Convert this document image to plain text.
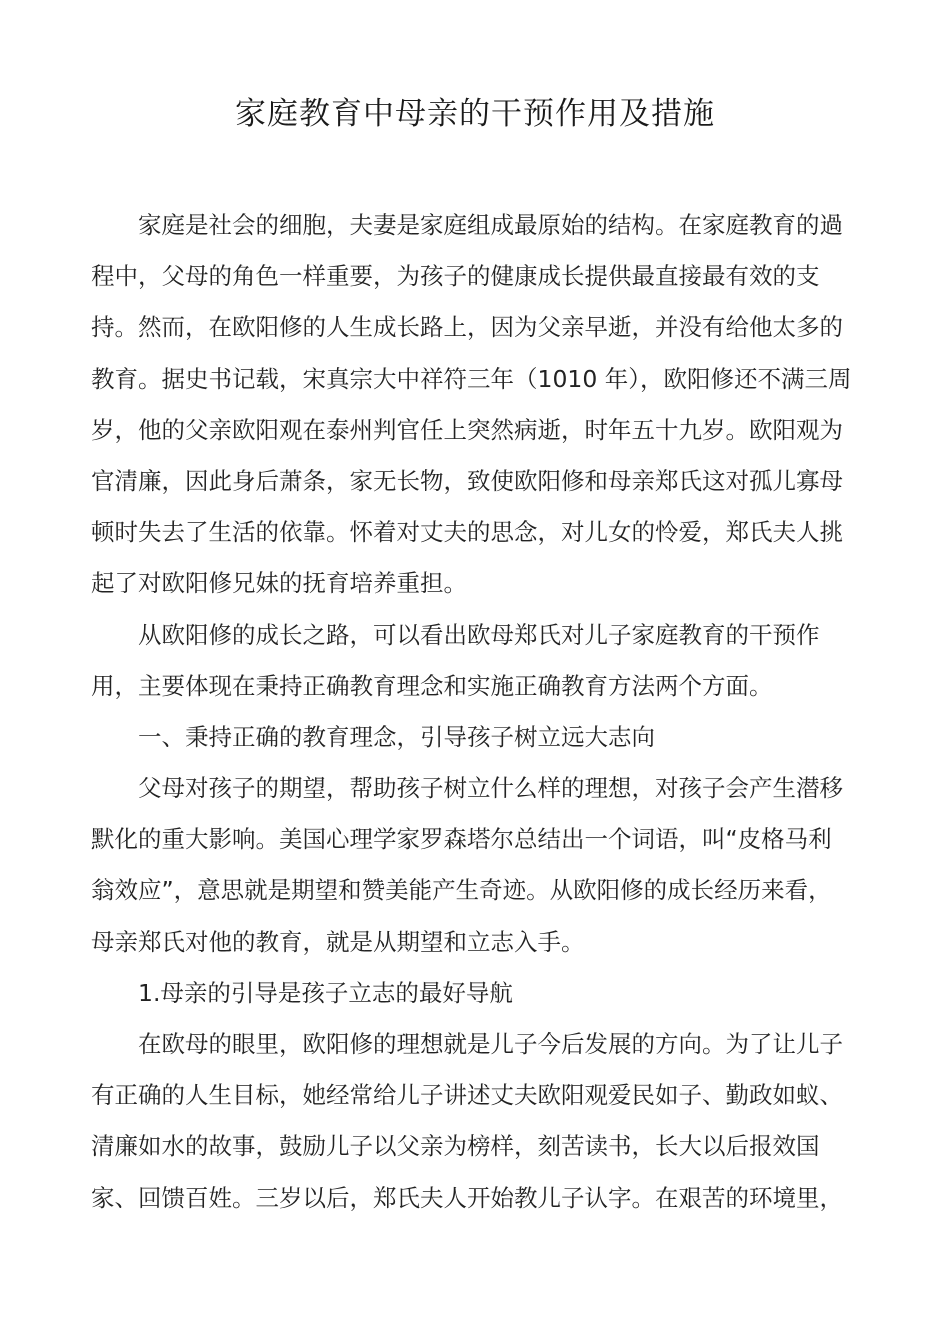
家庭教育中母亲的干预作用及措施
家庭是社会的细胞，夫妻是家庭组成最原始的结构。在家庭教育的過
程中，父母的角色一样重要，为孩子的健康成长提供最直接最有效的支
持。然而，在欧阳修的人生成长路上，因为父亲早逝，并没有给他太多的
教育。据史书记载，宋真宗大中祥符三年（1010 年），欧阳修还不满三周
岁，他的父亲欧阳观在泰州判官任上突然病逝，时年五十九岁。欧阳观为
官清廉，因此身后萧条，家无长物，致使欧阳修和母亲郑氏这对孤儿寡母
顿时失去了生活的依靠。怀着对丈夫的思念，对儿女的怜爱，郑氏夫人挑
起了对欧阳修兄妹的抚育培养重担。
从欧阳修的成长之路，可以看出欧母郑氏对儿子家庭教育的干预作
用，主要体现在秉持正确教育理念和实施正确教育方法两个方面。
一、秉持正确的教育理念，引导孩子树立远大志向
父母对孩子的期望，帮助孩子树立什么样的理想，对孩子会产生潜移
默化的重大影响。美国心理学家罗森塔尔总结出一个词语，叫“皮格马利
翁效应”，意思就是期望和赞美能产生奇迹。从欧阳修的成长经历来看，
母亲郑氏对他的教育，就是从期望和立志入手。
1.母亲的引导是孩子立志的最好导航
在欧母的眼里，欧阳修的理想就是儿子今后发展的方向。为了让儿子
有正确的人生目标，她经常给儿子讲述丈夫欧阳观爱民如子、勤政如蚁、
清廉如水的故事，鼓励儿子以父亲为榜样，刻苦读书，长大以后报效国
家、回馈百姓。三岁以后，郑氏夫人开始教儿子认字。在艰苦的环境里，
